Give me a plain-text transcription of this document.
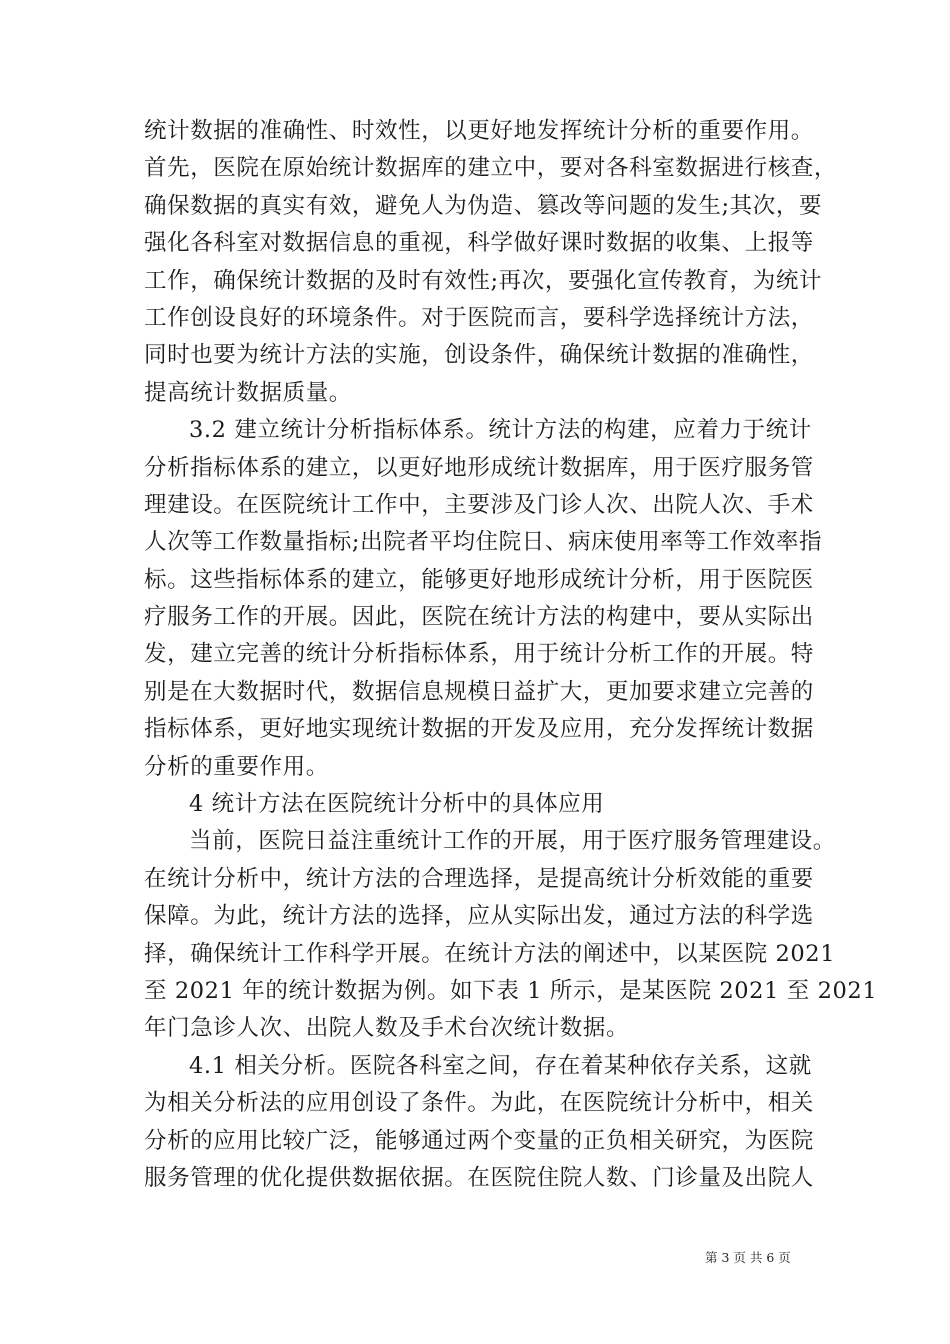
统计数据的准确性、时效性，以更好地发挥统计分析的重要作用。
首先，医院在原始统计数据库的建立中，要对各科室数据进行核查，
确保数据的真实有效，避免人为伪造、篡改等问题的发生;其次，要
强化各科室对数据信息的重视，科学做好课时数据的收集、上报等
工作，确保统计数据的及时有效性;再次，要强化宣传教育，为统计
工作创设良好的环境条件。对于医院而言，要科学选择统计方法，
同时也要为统计方法的实施，创设条件，确保统计数据的准确性，
提高统计数据质量。
3.2 建立统计分析指标体系。统计方法的构建，应着力于统计
分析指标体系的建立，以更好地形成统计数据库，用于医疗服务管
理建设。在医院统计工作中，主要涉及门诊人次、出院人次、手术
人次等工作数量指标;出院者平均住院日、病床使用率等工作效率指
标。这些指标体系的建立，能够更好地形成统计分析，用于医院医
疗服务工作的开展。因此，医院在统计方法的构建中，要从实际出
发，建立完善的统计分析指标体系，用于统计分析工作的开展。特
别是在大数据时代，数据信息规模日益扩大，更加要求建立完善的
指标体系，更好地实现统计数据的开发及应用，充分发挥统计数据
分析的重要作用。
4 统计方法在医院统计分析中的具体应用
当前，医院日益注重统计工作的开展，用于医疗服务管理建设。
在统计分析中，统计方法的合理选择，是提高统计分析效能的重要
保障。为此，统计方法的选择，应从实际出发，通过方法的科学选
择，确保统计工作科学开展。在统计方法的阐述中，以某医院 2021
至 2021 年的统计数据为例。如下表 1 所示，是某医院 2021 至 2021
年门急诊人次、出院人数及手术台次统计数据。
4.1 相关分析。医院各科室之间，存在着某种依存关系，这就
为相关分析法的应用创设了条件。为此，在医院统计分析中，相关
分析的应用比较广泛，能够通过两个变量的正负相关研究，为医院
服务管理的优化提供数据依据。在医院住院人数、门诊量及出院人
第 3 页 共 6 页
